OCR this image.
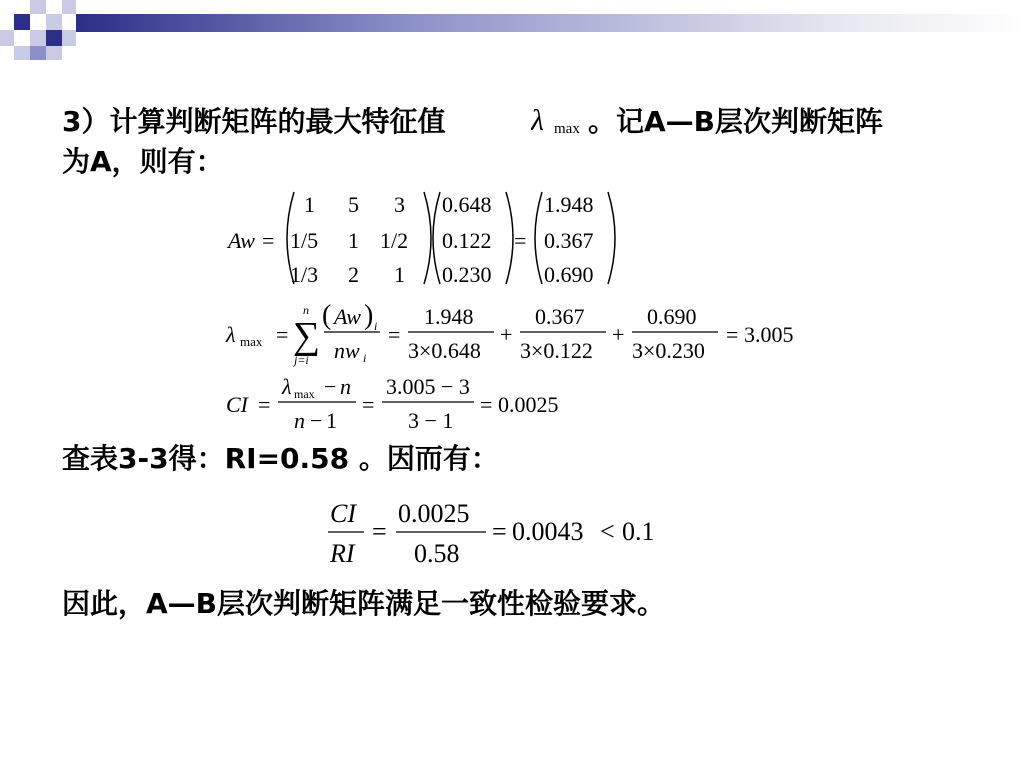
3）计算判断矩阵的最大特征值	λ max 。记A—B层次判断矩阵
为A，则有：
Aw =
1 5 3
1/5 1 1/2
1/3 2 1
0.648
0.122
0.230
=
1.948
0.367
0.690
λ max = ∑
n
j=i
( Aw ) i
nw i
=
1.948
3×0.648
+
0.367
3×0.122
+
0.690
3×0.230
= 3.005
CI =
λ max − n
n − 1
=
3.005 − 3
3 − 1
= 0.0025
查表3-3得：RI=0.58 。因而有：
CI
RI
=
0.0025
0.58
= 0.0043 < 0.1
因此，A—B层次判断矩阵满足一致性检验要求。
